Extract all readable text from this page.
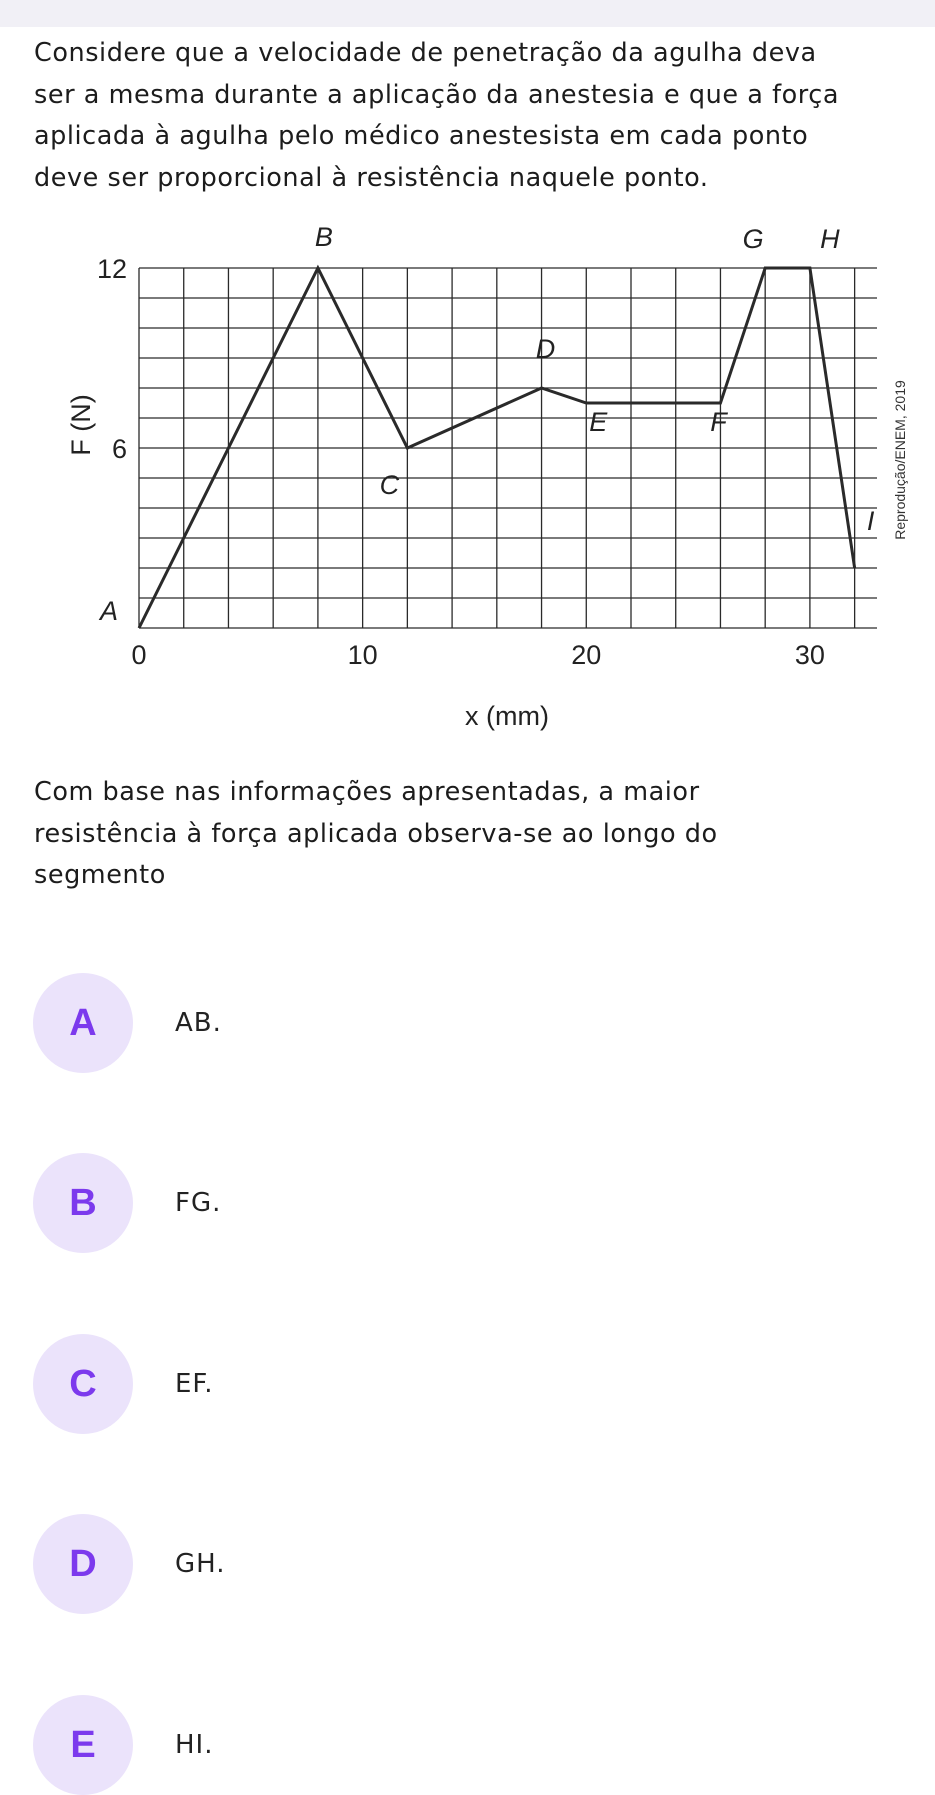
Considere que a velocidade de penetração da agulha deva
ser a mesma durante a aplicação da anestesia e que a força
aplicada à agulha pelo médico anestesista em cada ponto
deve ser proporcional à resistência naquele ponto.
A
B
C
D
E	F
G H
I
0	10	20	30
6
12
x (mm)
F (N)	Reprodução/ENEM, 2019
Com base nas informações apresentadas, a maior
resistência à força aplicada observa-se ao longo do
segmento
A	AB.
B	FG.
C	EF.
D	GH.
E	HI.
